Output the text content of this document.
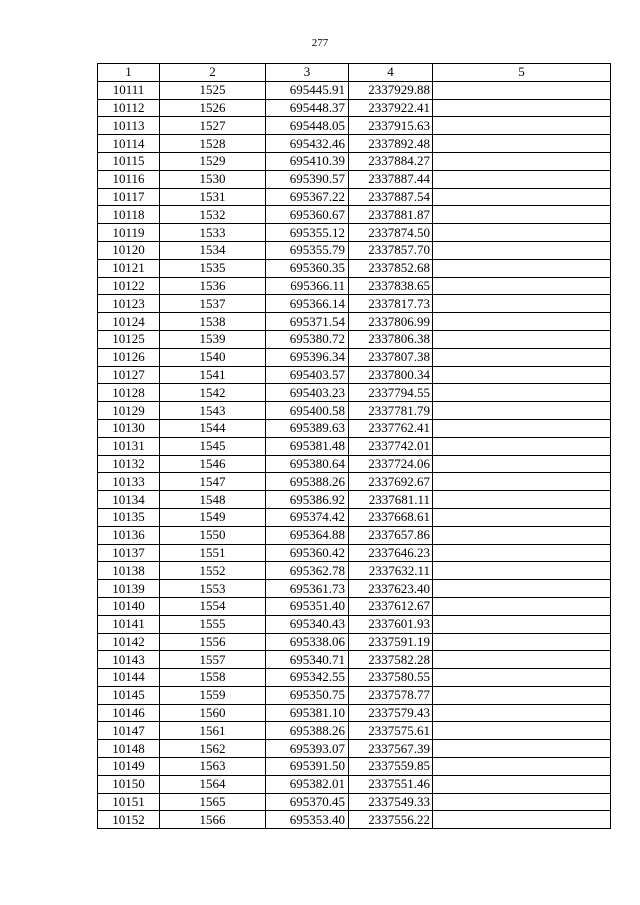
277
1	2	3	4	5
10111	1525	695445.91	2337929.88	
10112	1526	695448.37	2337922.41	
10113	1527	695448.05	2337915.63	
10114	1528	695432.46	2337892.48	
10115	1529	695410.39	2337884.27	
10116	1530	695390.57	2337887.44	
10117	1531	695367.22	2337887.54	
10118	1532	695360.67	2337881.87	
10119	1533	695355.12	2337874.50	
10120	1534	695355.79	2337857.70	
10121	1535	695360.35	2337852.68	
10122	1536	695366.11	2337838.65	
10123	1537	695366.14	2337817.73	
10124	1538	695371.54	2337806.99	
10125	1539	695380.72	2337806.38	
10126	1540	695396.34	2337807.38	
10127	1541	695403.57	2337800.34	
10128	1542	695403.23	2337794.55	
10129	1543	695400.58	2337781.79	
10130	1544	695389.63	2337762.41	
10131	1545	695381.48	2337742.01	
10132	1546	695380.64	2337724.06	
10133	1547	695388.26	2337692.67	
10134	1548	695386.92	2337681.11	
10135	1549	695374.42	2337668.61	
10136	1550	695364.88	2337657.86	
10137	1551	695360.42	2337646.23	
10138	1552	695362.78	2337632.11	
10139	1553	695361.73	2337623.40	
10140	1554	695351.40	2337612.67	
10141	1555	695340.43	2337601.93	
10142	1556	695338.06	2337591.19	
10143	1557	695340.71	2337582.28	
10144	1558	695342.55	2337580.55	
10145	1559	695350.75	2337578.77	
10146	1560	695381.10	2337579.43	
10147	1561	695388.26	2337575.61	
10148	1562	695393.07	2337567.39	
10149	1563	695391.50	2337559.85	
10150	1564	695382.01	2337551.46	
10151	1565	695370.45	2337549.33	
10152	1566	695353.40	2337556.22	
